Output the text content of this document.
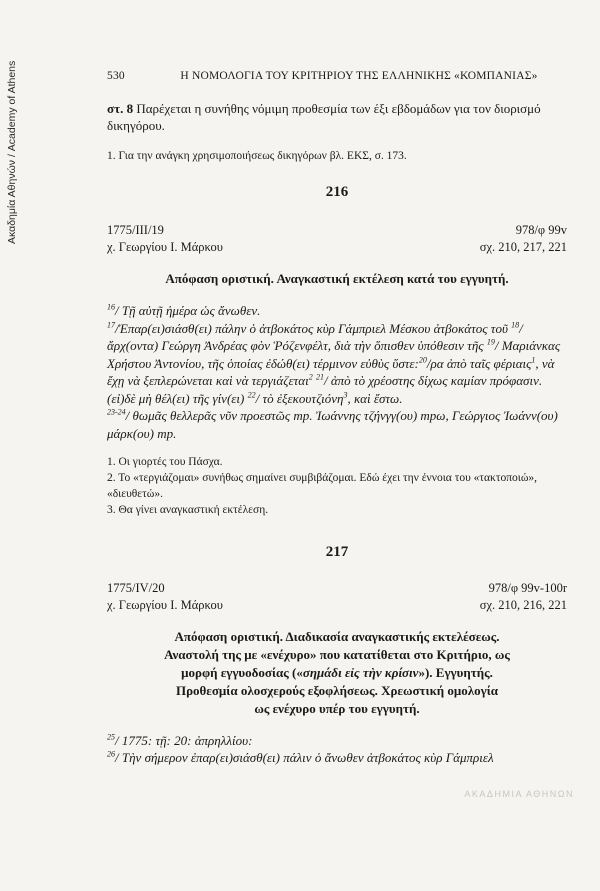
Ακαδημία Αθηνών / Academy of Athens	530	Η ΝΟΜΟΛΟΓΙΑ ΤΟΥ ΚΡΙΤΗΡΙΟΥ ΤΗΣ ΕΛΛΗΝΙΚΗΣ «ΚΟΜΠΑΝΙΑΣ»
στ. 8 Παρέχεται η συνήθης νόμιμη προθεσμία των έξι εβδομάδων για τον διορισμό δικηγόρου.
1. Για την ανάγκη χρησιμοποιήσεως δικηγόρων βλ. ΕΚΣ, σ. 173.
216
1775/III/19	978/φ 99v
χ. Γεωργίου Ι. Μάρκου	σχ. 210, 217, 221
Απόφαση οριστική. Αναγκαστική εκτέλεση κατά του εγγυητή.
$^{16}$/ Τῇ αὐτῇ ἡμέρα ὡς ἄνωθεν.
$^{17}$/Ἐπαρ(ει)σιάσθ(ει) πάλην ὁ ἀτβοκάτος κὺρ Γάμπριελ Μέσκου ἀτβοκάτος τοῦ $^{18}$/ ἄρχ(οντα) Γεώργη Ἀνδρέας φὸν Ῥόζενφέλτ, διὰ τὴν ὅπισθεν ὑπόθεσιν τῆς $^{19}$/ Μαριάνκας Χρήστου Ἀντονίου, τῆς ὁποίας ἐδώθ(ει) τέρμινον εὐθὺς ὕστε:$^{20}$/ρα ἀπὸ ταῖς φέριαις$^1$, νὰ ἔχῃ νὰ ξεπλερώνεται καὶ νὰ τεργιάζεται$^2$ $^{21}$/ ἀπὸ τὸ χρέοστης δίχως καμίαν πρόφασιν. (εἰ)δὲ μὴ θέλ(ει) τῆς γίν(ει) $^{22}$/ τὸ ἐξεκουτζιόνη$^3$, καὶ ἔστω.
$^{23-24}$/ θωμᾶς θελλερᾶς νῦν προεστῶς mp. Ἰωάννης τζήνγγ(ου) mpω, Γεώργιος Ἰωάνν(ου) μάρκ(ου) mp.
1. Οι γιορτές του Πάσχα.
2. Το «τεργιάζομαι» συνήθως σημαίνει συμβιβάζομαι. Εδώ έχει την έννοια του «τακτοποιώ», «διευθετώ».
3. Θα γίνει αναγκαστική εκτέλεση.
217
1775/IV/20	978/φ 99v-100r
χ. Γεωργίου Ι. Μάρκου	σχ. 210, 216, 221
Απόφαση οριστική. Διαδικασία αναγκαστικής εκτελέσεως.
Αναστολή της με «ενέχυρο» που κατατίθεται στο Κριτήριο, ως
μορφή εγγυοδοσίας («σημάδι εἰς τὴν κρίσιν»). Εγγυητής.
Προθεσμία ολοσχερούς εξοφλήσεως. Χρεωστική ομολογία
ως ενέχυρο υπέρ του εγγυητή.
$^{25}$/ 1775: τῇ: 20: ἀπρηλλίου:
$^{26}$/ Τὴν σήμερον ἐπαρ(ει)σιάσθ(ει) πάλιν ὁ ἄνωθεν ἀτβοκάτος κὺρ Γάμπριελ
ΑΚΑΔΗΜΙΑ ΑΘΗΝΩΝ
